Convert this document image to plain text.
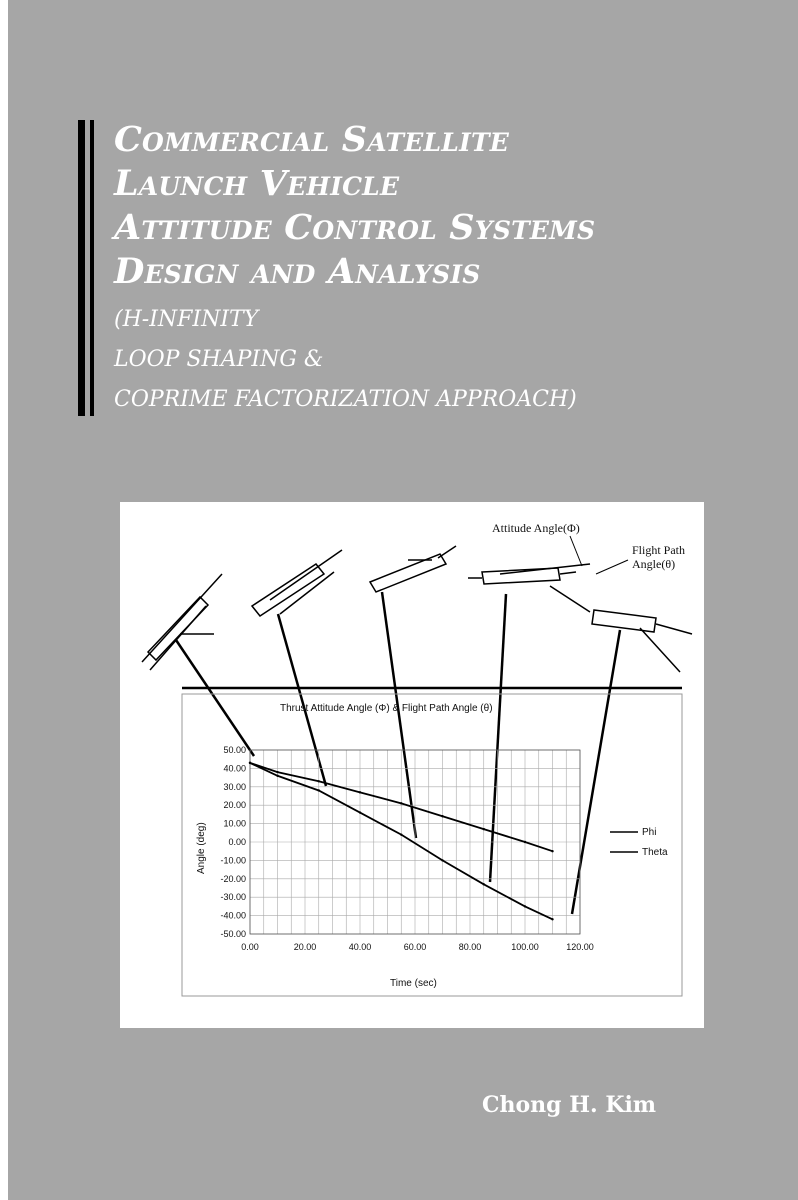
Commercial Satellite
Launch Vehicle
Attitude Control Systems
Design and Analysis
(H-INFINITY
LOOP SHAPING &
COPRIME FACTORIZATION APPROACH)
Attitude Angle(Φ)
Flight Path
Angle(θ)
Thrust Attitude Angle (Φ) & Flight Path Angle (θ)
50.00
40.00
30.00
20.00
10.00
0.00
-10.00
-20.00
-30.00
-40.00
-50.00
0.00	20.00	40.00	60.00	80.00	100.00	120.00
Time (sec)
Angle (deg)	Phi
Theta
Chong H. Kim
